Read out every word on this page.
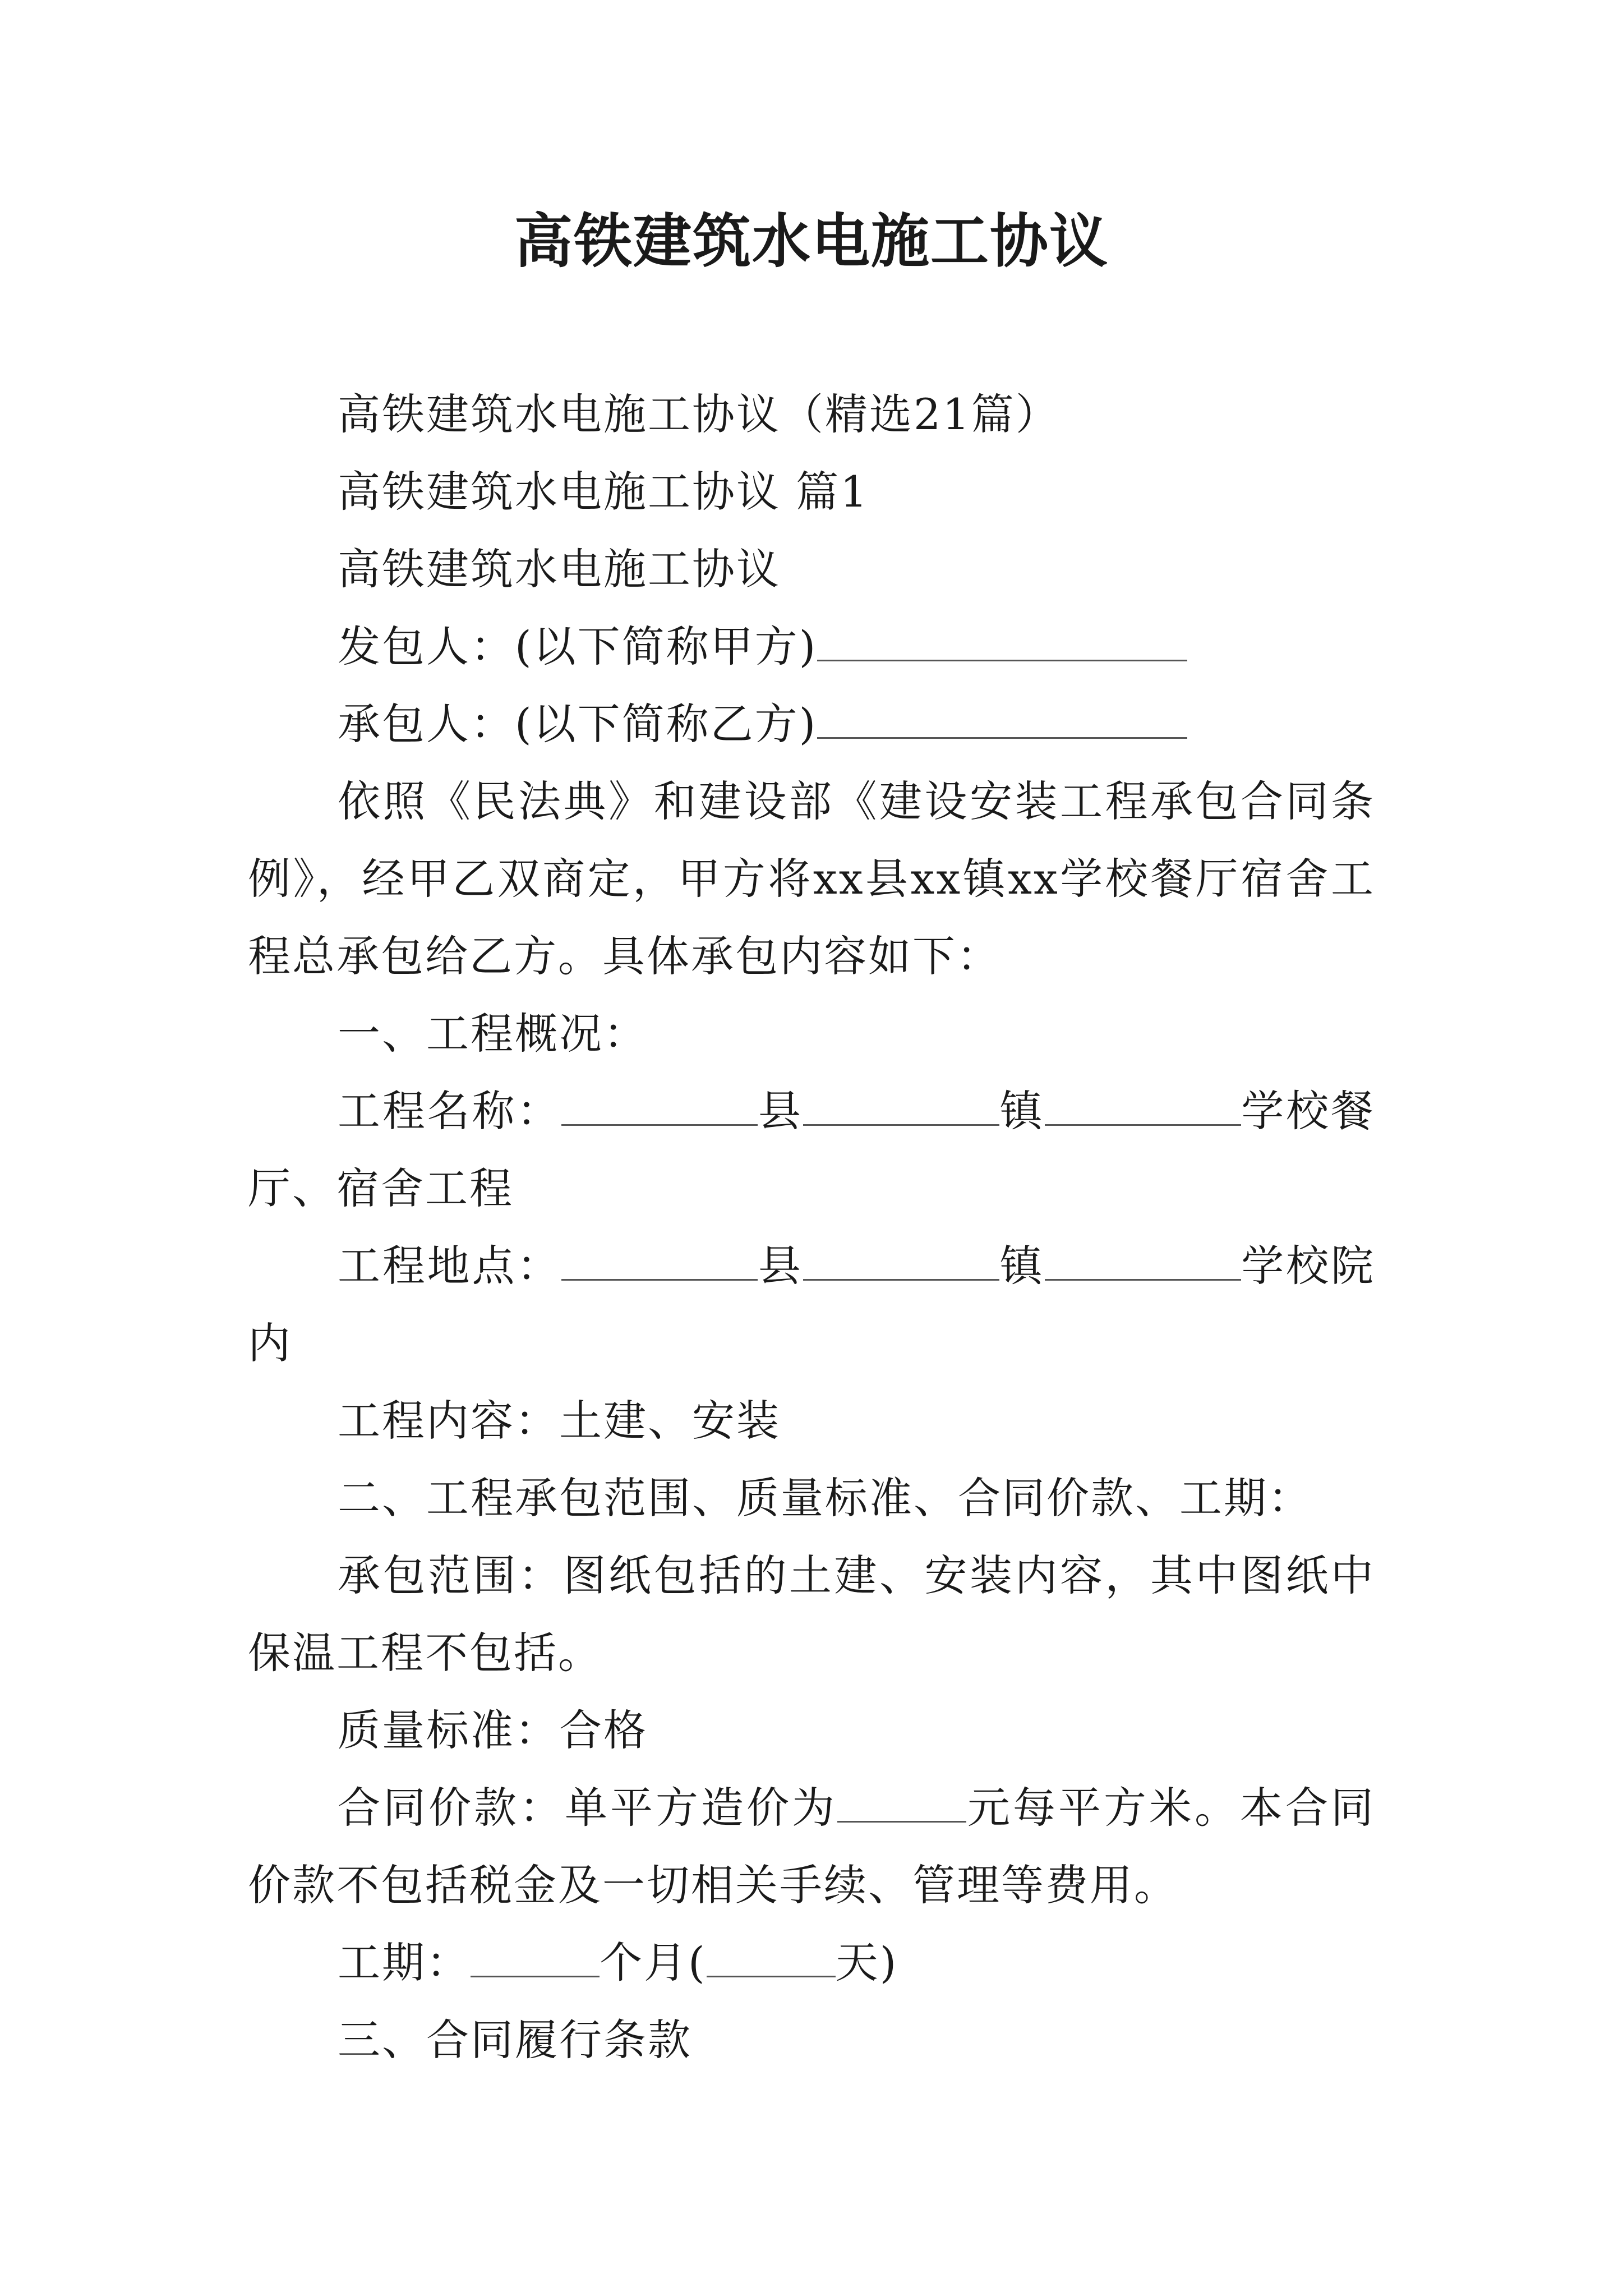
高铁建筑水电施工协议

高铁建筑水电施工协议（精选21篇）

高铁建筑水电施工协议 篇1

高铁建筑水电施工协议

发包人：(以下简称甲方)

承包人：(以下简称乙方)

依照《民法典》和建设部《建设安装工程承包合同条例》，经甲乙双商定，甲方将xx县xx镇xx学校餐厅宿舍工程总承包给乙方。具体承包内容如下：

一、工程概况：

工程名称：	县	镇	学校餐厅、宿舍工程

工程地点：	县	镇	学校院内

工程内容：土建、安装

二、工程承包范围、质量标准、合同价款、工期：

承包范围：图纸包括的土建、安装内容，其中图纸中保温工程不包括。

质量标准：合格

合同价款：单平方造价为	元每平方米。本合同价款不包括税金及一切相关手续、管理等费用。

工期：	个月(	天)

三、合同履行条款
